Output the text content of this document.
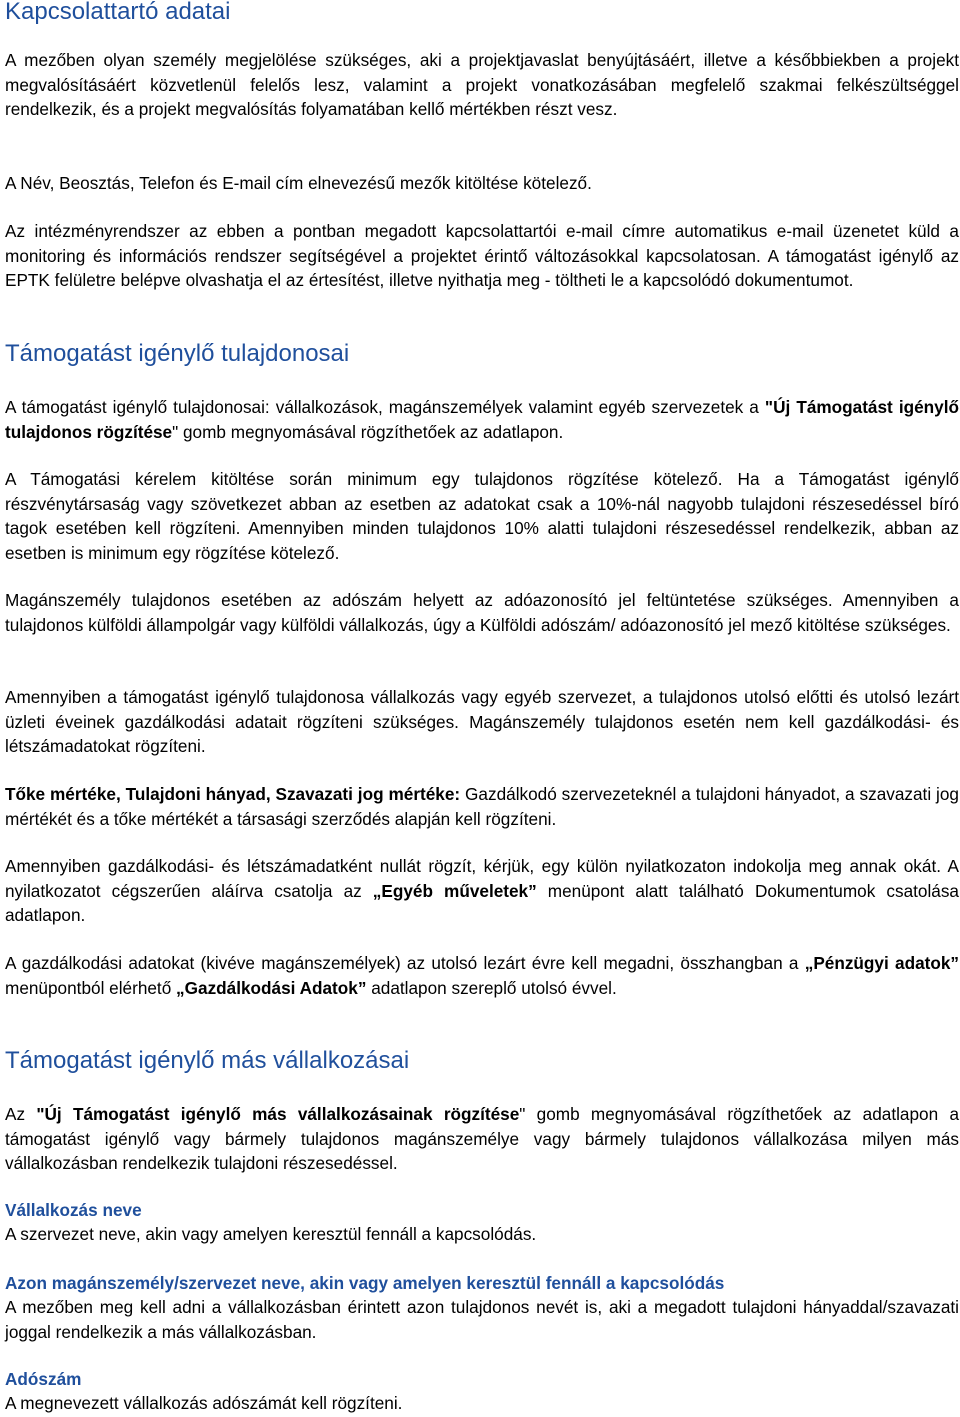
Kapcsolattartó adatai

A mezőben olyan személy megjelölése szükséges, aki a projektjavaslat benyújtásáért, illetve a későbbiekben a projekt megvalósításáért közvetlenül felelős lesz, valamint a projekt vonatkozásában megfelelő szakmai felkészültséggel rendelkezik, és a projekt megvalósítás folyamatában kellő mértékben részt vesz.

A Név, Beosztás, Telefon és E-mail cím elnevezésű mezők kitöltése kötelező.

Az intézményrendszer az ebben a pontban megadott kapcsolattartói e-mail címre automatikus e-mail üzenetet küld a monitoring és információs rendszer segítségével a projektet érintő változásokkal kapcsolatosan. A támogatást igénylő az EPTK felületre belépve olvashatja el az értesítést, illetve nyithatja meg - töltheti le a kapcsolódó dokumentumot.

Támogatást igénylő tulajdonosai

A támogatást igénylő tulajdonosai: vállalkozások, magánszemélyek valamint egyéb szervezetek a "Új Támogatást igénylő tulajdonos rögzítése" gomb megnyomásával rögzíthetőek az adatlapon.

A Támogatási kérelem kitöltése során minimum egy tulajdonos rögzítése kötelező. Ha a Támogatást igénylő részvénytársaság vagy szövetkezet abban az esetben az adatokat csak a 10%-nál nagyobb tulajdoni részesedéssel bíró tagok esetében kell rögzíteni. Amennyiben minden tulajdonos 10% alatti tulajdoni részesedéssel rendelkezik, abban az esetben is minimum egy rögzítése kötelező.

Magánszemély tulajdonos esetében az adószám helyett az adóazonosító jel feltüntetése szükséges. Amennyiben a tulajdonos külföldi állampolgár vagy külföldi vállalkozás, úgy a Külföldi adószám/ adóazonosító jel mező kitöltése szükséges.

Amennyiben a támogatást igénylő tulajdonosa vállalkozás vagy egyéb szervezet, a tulajdonos utolsó előtti és utolsó lezárt üzleti éveinek gazdálkodási adatait rögzíteni szükséges. Magánszemély tulajdonos esetén nem kell gazdálkodási- és létszámadatokat rögzíteni.

Tőke mértéke, Tulajdoni hányad, Szavazati jog mértéke: Gazdálkodó szervezeteknél a tulajdoni hányadot, a szavazati jog mértékét és a tőke mértékét a társasági szerződés alapján kell rögzíteni.

Amennyiben gazdálkodási- és létszámadatként nullát rögzít, kérjük, egy külön nyilatkozaton indokolja meg annak okát. A nyilatkozatot cégszerűen aláírva csatolja az „Egyéb műveletek” menüpont alatt található Dokumentumok csatolása adatlapon.

A gazdálkodási adatokat (kivéve magánszemélyek) az utolsó lezárt évre kell megadni, összhangban a „Pénzügyi adatok” menüpontból elérhető „Gazdálkodási Adatok” adatlapon szereplő utolsó évvel.

Támogatást igénylő más vállalkozásai

Az "Új Támogatást igénylő más vállalkozásainak rögzítése" gomb megnyomásával rögzíthetőek az adatlapon a támogatást igénylő vagy bármely tulajdonos magánszemélye vagy bármely tulajdonos vállalkozása milyen más vállalkozásban rendelkezik tulajdoni részesedéssel.

Vállalkozás neve

A szervezet neve, akin vagy amelyen keresztül fennáll a kapcsolódás.

Azon magánszemély/szervezet neve, akin vagy amelyen keresztül fennáll a kapcsolódás

A mezőben meg kell adni a vállalkozásban érintett azon tulajdonos nevét is, aki a megadott tulajdoni hányaddal/szavazati joggal rendelkezik a más vállalkozásban.

Adószám

A megnevezett vállalkozás adószámát kell rögzíteni.
